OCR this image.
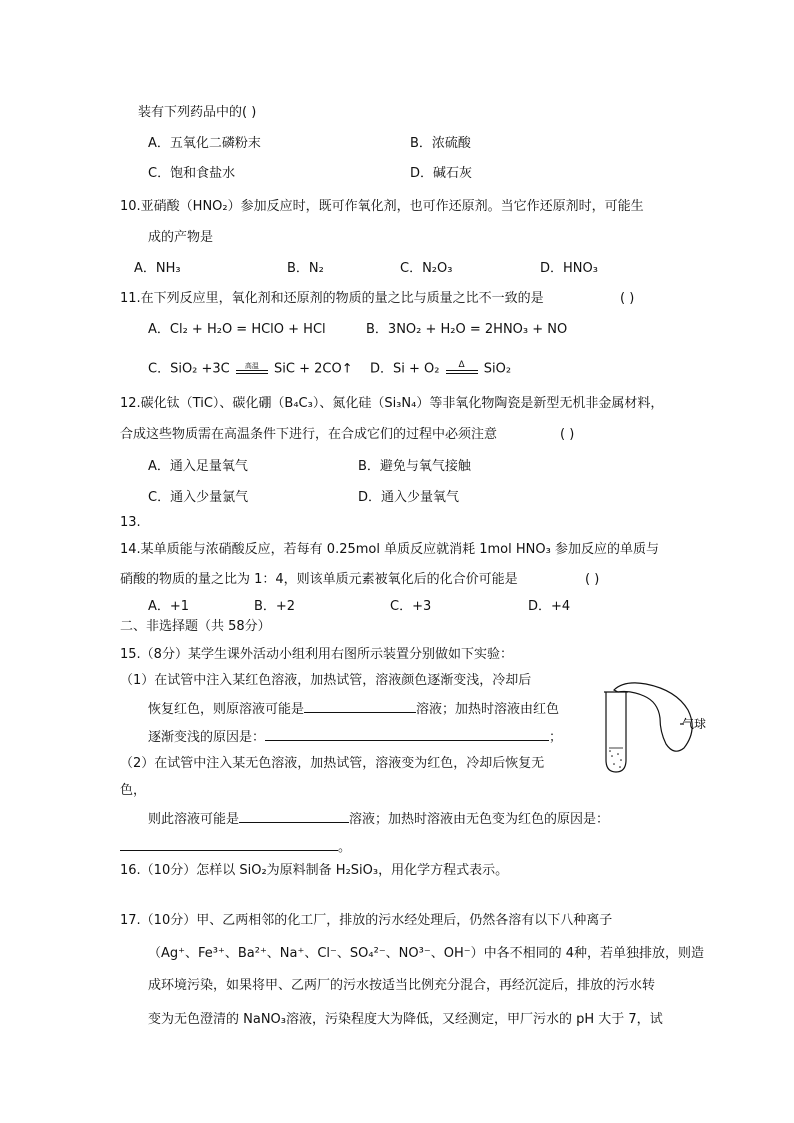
装有下列药品中的( )
A．五氧化二磷粉末	B．浓硫酸
C．饱和食盐水	D．碱石灰
10.亚硝酸（HNO₂）参加反应时，既可作氧化剂，也可作还原剂。当它作还原剂时，可能生
成的产物是
A．NH₃	B．N₂	C．N₂O₃	D．HNO₃
11.在下列反应里，氧化剂和还原剂的物质的量之比与质量之比不一致的是	( )
A．Cl₂ + H₂O = HClO + HCl	B．3NO₂ + H₂O = 2HNO₃ + NO
C．SiO₂ +3C	高温	SiC + 2CO↑ D．Si + O₂	Δ	SiO₂
12.碳化钛（TiC）、碳化硼（B₄C₃）、氮化硅（Si₃N₄）等非氧化物陶瓷是新型无机非金属材料，
合成这些物质需在高温条件下进行，在合成它们的过程中必须注意	( )
A．通入足量氧气	B．避免与氧气接触
C．通入少量氯气	D．通入少量氧气
13.
14.某单质能与浓硝酸反应，若每有 0.25mol 单质反应就消耗 1mol HNO₃ 参加反应的单质与
硝酸的物质的量之比为 1：4，则该单质元素被氧化后的化合价可能是	( )
A．+1	B．+2	C．+3	D．+4
二、非选择题（共 58分）
15.（8分）某学生课外活动小组利用右图所示装置分别做如下实验：
（1）在试管中注入某红色溶液，加热试管，溶液颜色逐渐变浅，冷却后
恢复红色，则原溶液可能是	溶液；加热时溶液由红色
逐渐变浅的原因是：	；
（2）在试管中注入某无色溶液，加热试管，溶液变为红色，冷却后恢复无
色，
则此溶液可能是	溶液；加热时溶液由无色变为红色的原因是：
。
气球
16.（10分）怎样以 SiO₂为原料制备 H₂SiO₃，用化学方程式表示。
17.（10分）甲、乙两相邻的化工厂，排放的污水经处理后，仍然各溶有以下八种离子
（Ag⁺、Fe³⁺、Ba²⁺、Na⁺、Cl⁻、SO₄²⁻、NO³⁻、OH⁻）中各不相同的 4种，若单独排放，则造
成环境污染，如果将甲、乙两厂的污水按适当比例充分混合，再经沉淀后，排放的污水转
变为无色澄清的 NaNO₃溶液，污染程度大为降低，又经测定，甲厂污水的 pH 大于 7，试
